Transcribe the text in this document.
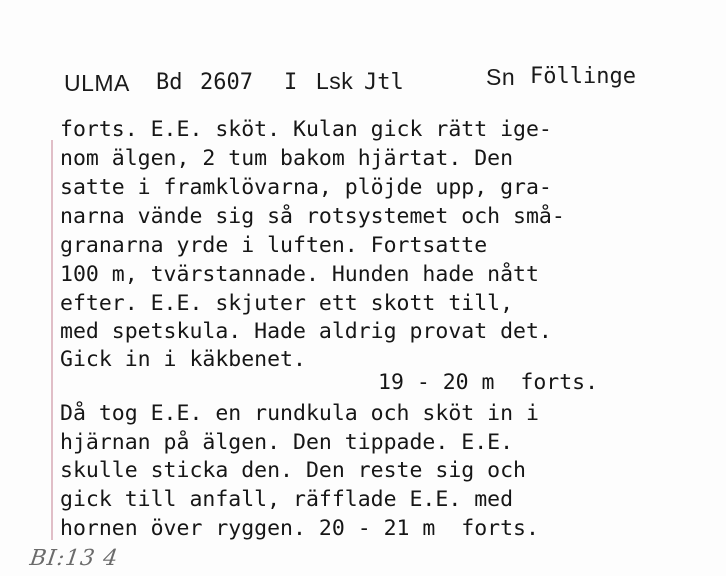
ULMA Bd 2607 I Lsk Jtl	Sn Föllinge
forts. E.E. sköt. Kulan gick rätt ige-
nom älgen, 2 tum bakom hjärtat. Den
satte i framklövarna, plöjde upp, gra-
narna vände sig så rotsystemet och små-
granarna yrde i luften. Fortsatte
100 m, tvärstannade. Hunden hade nått
efter. E.E. skjuter ett skott till,
med spetskula. Hade aldrig provat det.
Gick in i käkbenet.
19 - 20 m  forts.
Då tog E.E. en rundkula och sköt in i
hjärnan på älgen. Den tippade. E.E.
skulle sticka den. Den reste sig och
gick till anfall, räfflade E.E. med
hornen över ryggen. 20 - 21 m  forts.
BI:13 4
